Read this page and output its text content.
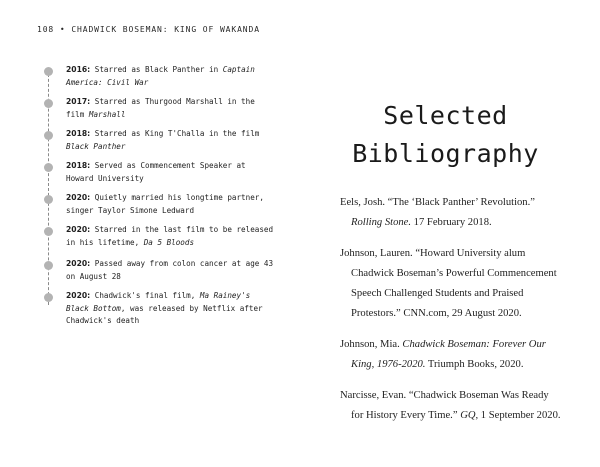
108 • CHADWICK BOSEMAN: KING OF WAKANDA
2016: Starred as Black Panther in Captain America: Civil War
2017: Starred as Thurgood Marshall in the film Marshall
2018: Starred as King T'Challa in the film Black Panther
2018: Served as Commencement Speaker at Howard University
2020: Quietly married his longtime partner, singer Taylor Simone Ledward
2020: Starred in the last film to be released in his lifetime, Da 5 Bloods
2020: Passed away from colon cancer at age 43 on August 28
2020: Chadwick's final film, Ma Rainey's Black Bottom, was released by Netflix after Chadwick's death
Selected
Bibliography

Eels, Josh. “The ‘Black Panther’ Revolution.” Rolling Stone. 17 February 2018.

Johnson, Lauren. “Howard University alum Chadwick Boseman’s Powerful Commencement Speech Challenged Students and Praised Protestors.” CNN.com, 29 August 2020.

Johnson, Mia. Chadwick Boseman: Forever Our King, 1976-2020. Triumph Books, 2020.

Narcisse, Evan. “Chadwick Boseman Was Ready for History Every Time.” GQ, 1 September 2020.
